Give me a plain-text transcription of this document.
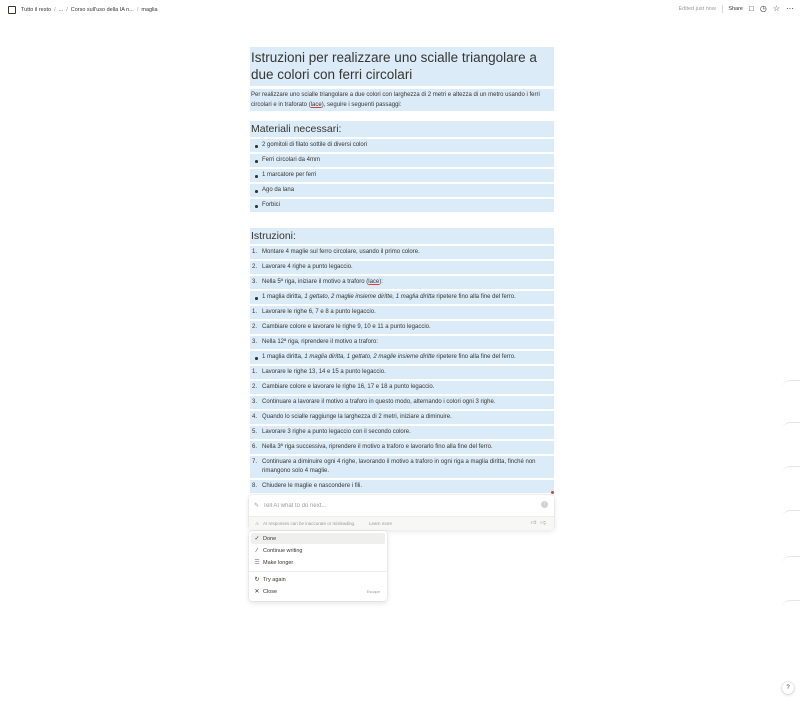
Tutto il resto / ... / Corso sull'uso della IA n... / maglia	Edited just now Share □ ◷ ☆ ⋯
Istruzioni per realizzare uno scialle triangolare a due colori con ferri circolari
Per realizzare uno scialle triangolare a due colori con larghezza di 2 metri e altezza di un metro usando i ferri circolari e in traforato (lace), seguire i seguenti passaggi:
Materiali necessari:
2 gomitoli di filato sottile di diversi colori
Ferri circolari da 4mm
1 marcatore per ferri
Ago da lana
Forbici
Istruzioni:
1. Montare 4 maglie sul ferro circolare, usando il primo colore.
2. Lavorare 4 righe a punto legaccio.
3. Nella 5ª riga, iniziare il motivo a traforo (lace):
1 maglia diritta, 1 gettato, 2 maglie insieme diritte, 1 maglia diritta ripetere fino alla fine del ferro.
1. Lavorare le righe 6, 7 e 8 a punto legaccio.
2. Cambiare colore e lavorare le righe 9, 10 e 11 a punto legaccio.
3. Nella 12ª riga, riprendere il motivo a traforo:
1 maglia diritta, 1 maglia diritta, 1 gettato, 2 maglie insieme diritte ripetere fino alla fine del ferro.
1. Lavorare le righe 13, 14 e 15 a punto legaccio.
2. Cambiare colore e lavorare le righe 16, 17 e 18 a punto legaccio.
3. Continuare a lavorare il motivo a traforo in questo modo, alternando i colori ogni 3 righe.
4. Quando lo scialle raggiunge la larghezza di 2 metri, iniziare a diminuire.
5. Lavorare 3 righe a punto legaccio con il secondo colore.
6. Nella 3ª riga successiva, riprendere il motivo a traforo e lavorarlo fino alla fine del ferro.
7. Continuare a diminuire ogni 4 righe, lavorando il motivo a traforo in ogni riga a maglia diritta, finché non rimangono solo 4 maglie.
8. Chiudere le maglie e nascondere i fili.
✎
Tell AI what to do next...	↑
⚠ AI responses can be inaccurate or misleading.	Learn more	👍︎ 👎︎
✓ Done
∕	Continue writing
☰ Make longer
↻ Try again
✕ Close	Escape
?
